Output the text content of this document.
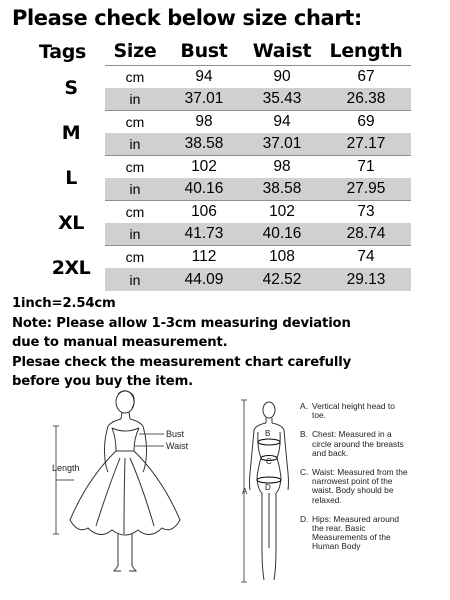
Please check below size chart:
Tags	Size	Bust	Waist	Length
S	cm	94	90	67
	in	37.01	35.43	26.38
M	cm	98	94	69
	in	38.58	37.01	27.17
L	cm	102	98	71
	in	40.16	38.58	27.95
XL	cm	106	102	73
	in	41.73	40.16	28.74
2XL	cm	112	108	74
	in	44.09	42.52	29.13

1inch=2.54cm

Note: Please allow 1-3cm measuring deviation

due to manual measurement.

Plesae check the measurement chart carefully

before you buy the item.

Bust
Waist
Length
A
B
C
D
A. Vertical height head to toe.
B. Chest: Measured in a circle around the breasts and back.
C. Waist: Measured from the narrowest point of the waist. Body should be relaxed.
D. Hips: Measured around the rear. Basic Measurements of the Human Body
